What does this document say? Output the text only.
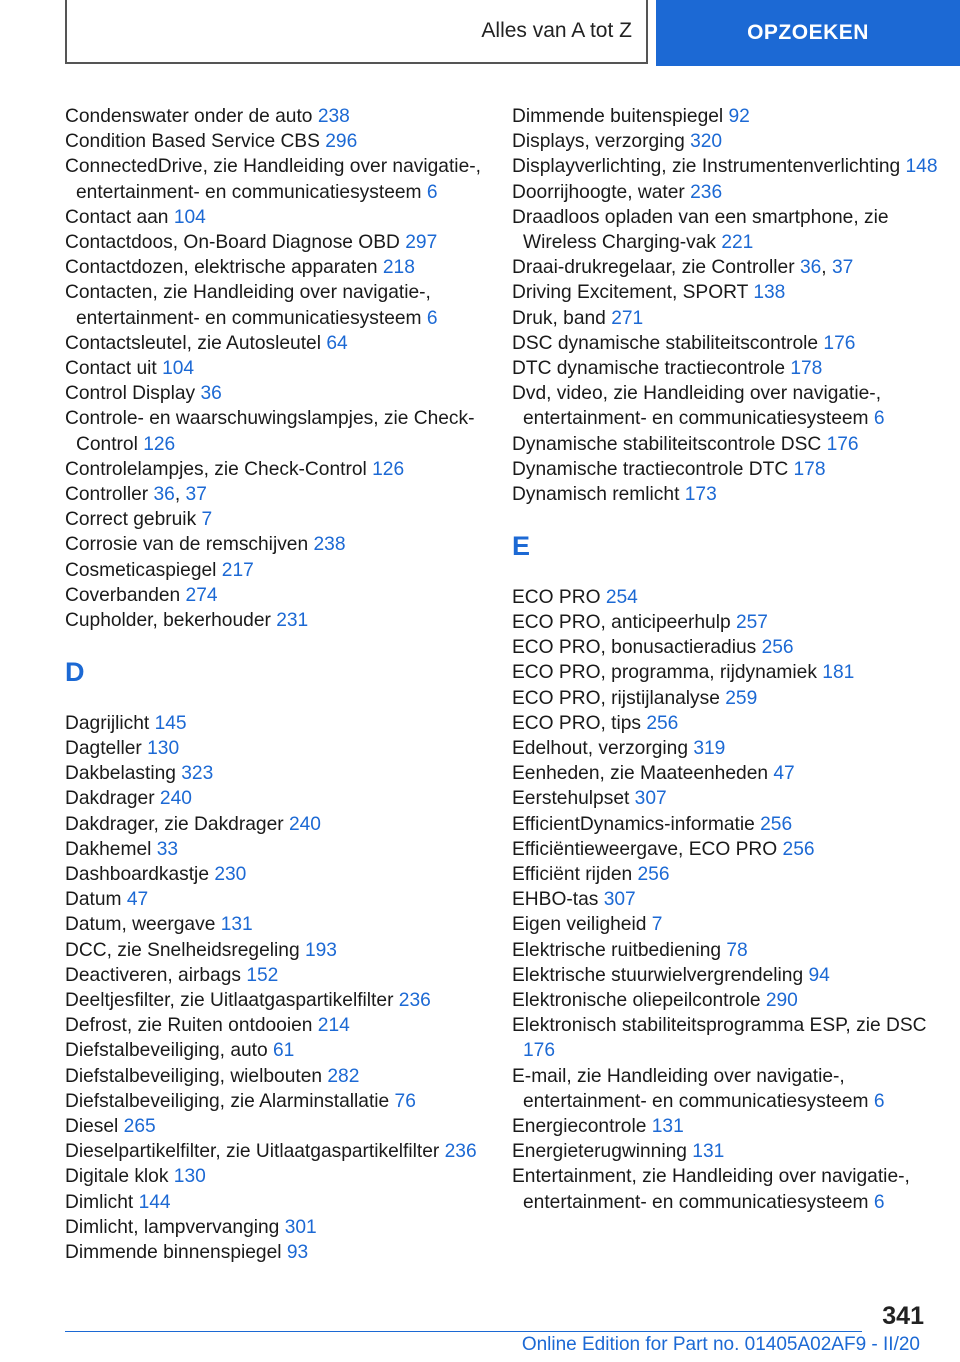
Alles van A tot Z	OPZOEKEN

Condenswater onder de auto 238

Condition Based Service CBS 296

ConnectedDrive, zie Handleiding over navigatie-, entertainment- en communicatiesysteem 6

Contact aan 104

Contactdoos, On-Board Diagnose OBD 297

Contactdozen, elektrische apparaten 218

Contacten, zie Handleiding over navigatie-, entertainment- en communicatiesysteem 6

Contactsleutel, zie Autosleutel 64

Contact uit 104

Control Display 36

Controle- en waarschuwingslampjes, zie Check-Control 126

Controlelampjes, zie Check-Control 126

Controller 36, 37

Correct gebruik 7

Corrosie van de remschijven 238

Cosmeticaspiegel 217

Coverbanden 274

Cupholder, bekerhouder 231

D

Dagrijlicht 145

Dagteller 130

Dakbelasting 323

Dakdrager 240

Dakdrager, zie Dakdrager 240

Dakhemel 33

Dashboardkastje 230

Datum 47

Datum, weergave 131

DCC, zie Snelheidsregeling 193

Deactiveren, airbags 152

Deeltjesfilter, zie Uitlaatgaspartikelfilter 236

Defrost, zie Ruiten ontdooien 214

Diefstalbeveiliging, auto 61

Diefstalbeveiliging, wielbouten 282

Diefstalbeveiliging, zie Alarminstallatie 76

Diesel 265

Dieselpartikelfilter, zie Uitlaatgaspartikelfilter 236

Digitale klok 130

Dimlicht 144

Dimlicht, lampvervanging 301

Dimmende binnenspiegel 93

Dimmende buitenspiegel 92

Displays, verzorging 320

Displayverlichting, zie Instrumentenverlichting 148

Doorrijhoogte, water 236

Draadloos opladen van een smartphone, zie Wireless Charging-vak 221

Draai-drukregelaar, zie Controller 36, 37

Driving Excitement, SPORT 138

Druk, band 271

DSC dynamische stabiliteitscontrole 176

DTC dynamische tractiecontrole 178

Dvd, video, zie Handleiding over navigatie-, entertainment- en communicatiesysteem 6

Dynamische stabiliteitscontrole DSC 176

Dynamische tractiecontrole DTC 178

Dynamisch remlicht 173

E

ECO PRO 254

ECO PRO, anticipeerhulp 257

ECO PRO, bonusactieradius 256

ECO PRO, programma, rijdynamiek 181

ECO PRO, rijstijlanalyse 259

ECO PRO, tips 256

Edelhout, verzorging 319

Eenheden, zie Maateenheden 47

Eerstehulpset 307

EfficientDynamics-informatie 256

Efficiëntieweergave, ECO PRO 256

Efficiënt rijden 256

EHBO-tas 307

Eigen veiligheid 7

Elektrische ruitbediening 78

Elektrische stuurwielvergrendeling 94

Elektronische oliepeilcontrole 290

Elektronisch stabiliteitsprogramma ESP, zie DSC 176

E-mail, zie Handleiding over navigatie-, entertainment- en communicatiesysteem 6

Energiecontrole 131

Energieterugwinning 131

Entertainment, zie Handleiding over navigatie-, entertainment- en communicatiesysteem 6

341
Online Edition for Part no. 01405A02AF9 - II/20
